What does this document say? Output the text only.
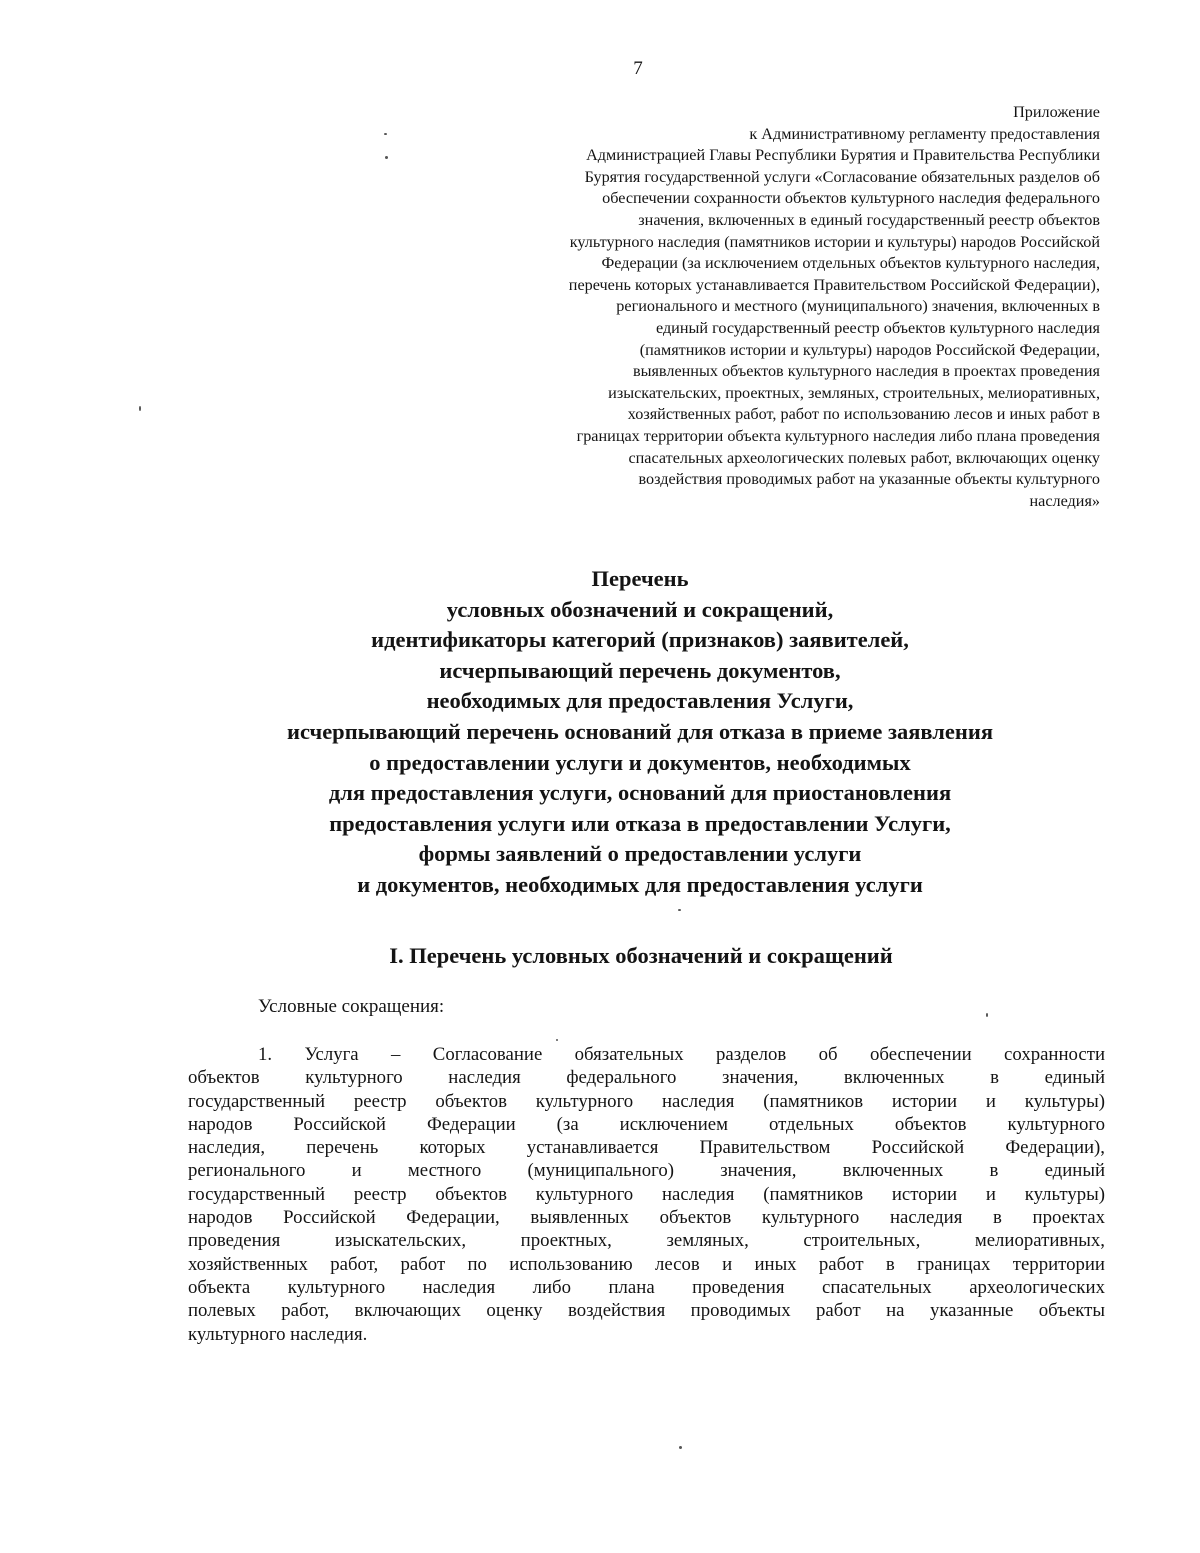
7
Приложение
к Административному регламенту предоставления
Администрацией Главы Республики Бурятия и Правительства Республики
Бурятия государственной услуги «Согласование обязательных разделов об
обеспечении сохранности объектов культурного наследия федерального
значения, включенных в единый государственный реестр объектов
культурного наследия (памятников истории и культуры) народов Российской
Федерации (за исключением отдельных объектов культурного наследия,
перечень которых устанавливается Правительством Российской Федерации),
регионального и местного (муниципального) значения, включенных в
единый государственный реестр объектов культурного наследия
(памятников истории и культуры) народов Российской Федерации,
выявленных объектов культурного наследия в проектах проведения
изыскательских, проектных, земляных, строительных, мелиоративных,
хозяйственных работ, работ по использованию лесов и иных работ в
границах территории объекта культурного наследия либо плана проведения
спасательных археологических полевых работ, включающих оценку
воздействия проводимых работ на указанные объекты культурного
наследия»
Перечень
условных обозначений и сокращений,
идентификаторы категорий (признаков) заявителей,
исчерпывающий перечень документов,
необходимых для предоставления Услуги,
исчерпывающий перечень оснований для отказа в приеме заявления
о предоставлении услуги и документов, необходимых
для предоставления услуги, оснований для приостановления
предоставления услуги или отказа в предоставлении Услуги,
формы заявлений о предоставлении услуги
и документов, необходимых для предоставления услуги
I. Перечень условных обозначений и сокращений

Условные сокращения:

1. Услуга – Согласование обязательных разделов об обеспечении сохранности
объектов культурного наследия федерального значения, включенных в единый
государственный реестр объектов культурного наследия (памятников истории и культуры)
народов Российской Федерации (за исключением отдельных объектов культурного
наследия, перечень которых устанавливается Правительством Российской Федерации),
регионального и местного (муниципального) значения, включенных в единый
государственный реестр объектов культурного наследия (памятников истории и культуры)
народов Российской Федерации, выявленных объектов культурного наследия в проектах
проведения изыскательских, проектных, земляных, строительных, мелиоративных,
хозяйственных работ, работ по использованию лесов и иных работ в границах территории
объекта культурного наследия либо плана проведения спасательных археологических
полевых работ, включающих оценку воздействия проводимых работ на указанные объекты
культурного наследия.
